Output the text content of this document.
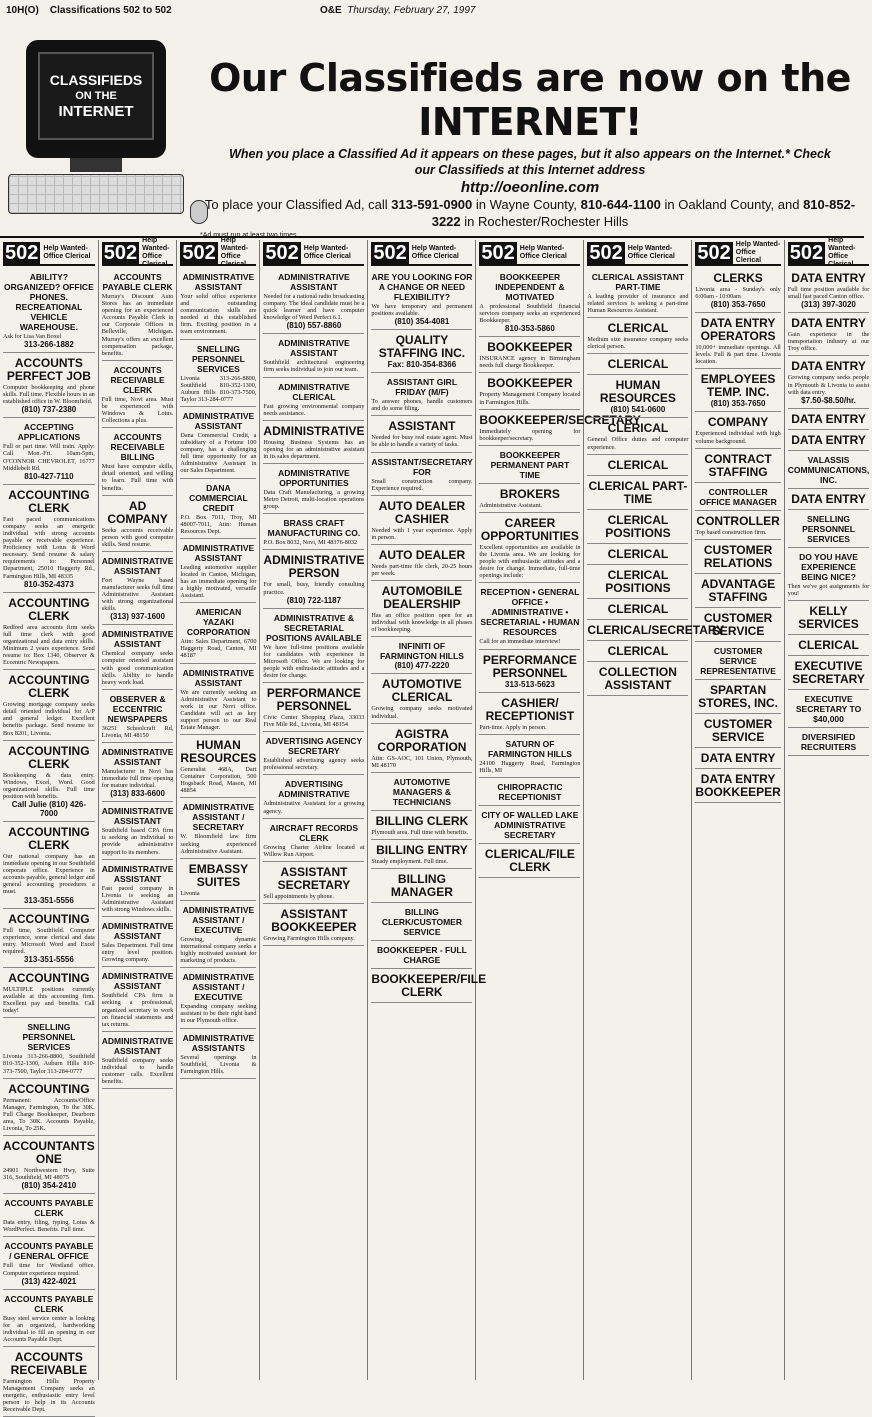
10H(O) Classifications 502 to 502	O&E Thursday, February 27, 1997
CLASSIFIEDS
ON THE
INTERNET
Our Classifieds are now on the INTERNET!
When you place a Classified Ad it appears on these pages, but it also appears on the Internet.* Check our Classifieds at this Internet address
http://oeonline.com
To place your Classified Ad, call 313-591-0900 in Wayne County, 810-644-1100 in Oakland County, and 810-852-3222 in Rochester/Rochester Hills
*Ad must run at least two times
502 Help Wanted-
Office Clerical
ABILITY? ORGANIZED? OFFICE PHONES. RECREATIONAL VEHICLE WAREHOUSE.
Ask for Lisa Van Boxel
313-266-1882
ACCOUNTS PERFECT JOB
Computer bookkeeping and phone skills. Full time. Flexible hours in an established office in W. Bloomfield.
(810) 737-2380
ACCEPTING APPLICATIONS
Full or part time. Will train. Apply: Call Mon.-Fri. 10am-5pm, O'CONNOR CHEVROLET, 16777 Middlebelt Rd.
810-427-7110
ACCOUNTING CLERK
Fast paced communications company seeks an energetic individual with strong accounts payable or receivable experience. Proficiency with Lotus & Word necessary. Send resume & salary requirements to: Personnel Department, 25010 Haggerty Rd., Farmington Hills, MI 48335
810-352-4373
ACCOUNTING CLERK
Redford area accounts firm seeks full time clerk with good organizational and data entry skills. Minimum 2 years experience. Send resume to: Box 1340, Observer & Eccentric Newspapers.
ACCOUNTING CLERK
Growing mortgage company seeks detail oriented individual for A/P and general ledger. Excellent benefits package. Send resume to: Box 8201, Livonia.
ACCOUNTING CLERK
Bookkeeping & data entry. Windows, Excel, Word. Good organizational skills. Full time position with benefits.
Call Julie (810) 426-7000
ACCOUNTING CLERK
Our national company has an immediate opening in our Southfield corporate office. Experience in accounts payable, general ledger and general accounting procedures a must.
313-351-5556
ACCOUNTING
Full time, Southfield. Computer experience, some clerical and data entry. Microsoft Word and Excel required.
313-351-5556
ACCOUNTING
MULTIPLE positions currently available at this accounting firm. Excellent pay and benefits. Call today!
SNELLING PERSONNEL SERVICES
Livonia 313-266-8800, Southfield 810-352-1300, Auburn Hills 810-373-7500, Taylor 313-284-0777
ACCOUNTING
Permanent: Accounts/Office Manager, Farmington, To the 30K. Full Charge Bookkeeper, Dearborn area, To 30K. Accounts Payable, Livonia, To 25K.
ACCOUNTANTS ONE
24901 Northwestern Hwy, Suite 316, Southfield, MI 48075
(810) 354-2410
ACCOUNTS PAYABLE CLERK
Data entry, filing, typing, Lotus & WordPerfect. Benefits. Full time.
ACCOUNTS PAYABLE / GENERAL OFFICE
Full time for Westland office. Computer experience required.
(313) 422-4021
ACCOUNTS PAYABLE CLERK
Busy steel service center is looking for an organized, hardworking individual to fill an opening in our Accounts Payable Dept.
ACCOUNTS RECEIVABLE
Farmington Hills Property Management Company seeks an energetic, enthusiastic entry level person to help in its Accounts Receivable Dept.
502
Help Wanted-
Office Clerical
ACCOUNTS PAYABLE CLERK
Murray's Discount Auto Stores has an immediate opening for an experienced Accounts Payable Clerk in our Corporate Offices in Belleville, Michigan. Murray's offers an excellent compensation package, benefits.
ACCOUNTS RECEIVABLE CLERK
Full time, Novi area. Must be experienced with Windows & Lotus. Collections a plus.
ACCOUNTS RECEIVABLE BILLING
Must have computer skills, detail oriented, and willing to learn. Full time with benefits.
AD COMPANY
Seeks accounts receivable person with good computer skills. Send resume.
ADMINISTRATIVE ASSISTANT
Fort Wayne based manufacturer seeks full time Administrative Assistant with strong organizational skills.
(313) 937-1600
ADMINISTRATIVE ASSISTANT
Chemical company seeks computer oriented assistant with good communication skills. Ability to handle heavy work load.
OBSERVER & ECCENTRIC NEWSPAPERS
36251 Schoolcraft Rd, Livonia, MI 48150
ADMINISTRATIVE ASSISTANT
Manufacturer in Novi has immediate full time opening for mature individual.
(313) 833-6600
ADMINISTRATIVE ASSISTANT
Southfield based CPA firm is seeking an individual to provide administrative support to its members.
ADMINISTRATIVE ASSISTANT
Fast paced company in Livonia is seeking an Administrative Assistant with strong Windows skills.
ADMINISTRATIVE ASSISTANT
Sales Department. Full time entry level position. Growing company.
ADMINISTRATIVE ASSISTANT
Southfield CPA firm is seeking a professional, organized secretary to work on financial statements and tax returns.
ADMINISTRATIVE ASSISTANT
Southfield company seeks individual to handle customer calls. Excellent benefits.
502
Help Wanted-
Office Clerical
ADMINISTRATIVE ASSISTANT
Your solid office experience and outstanding communication skills are needed at this established firm. Exciting position in a team environment.
SNELLING PERSONNEL SERVICES
Livonia 313-266-8800, Southfield 810-352-1300, Auburn Hills 810-373-7500, Taylor 313-284-0777
ADMINISTRATIVE ASSISTANT
Dana Commercial Credit, a subsidiary of a Fortune 100 company, has a challenging full time opportunity for an Administrative Assistant in our Sales Department.
DANA COMMERCIAL CREDIT
P.O. Box 7011, Troy, MI 48007-7011, Attn: Human Resources Dept.
ADMINISTRATIVE ASSISTANT
Leading automotive supplier located in Canton, Michigan, has an immediate opening for a highly motivated, versatile Assistant.
AMERICAN YAZAKI CORPORATION
Attn: Sales Department, 6700 Haggerty Road, Canton, MI 48187
ADMINISTRATIVE ASSISTANT
We are currently seeking an Administrative Assistant to work in our Novi office. Candidate will act as key support person to our Real Estate Manager.
HUMAN RESOURCES
Generalist 468A, Dart Container Corporation, 500 Hogsback Road, Mason, MI 48854
ADMINISTRATIVE ASSISTANT / SECRETARY
W. Bloomfield law firm seeking experienced Administrative Assistant.
EMBASSY SUITES
Livonia
ADMINISTRATIVE ASSISTANT / EXECUTIVE
Growing, dynamic international company seeks a highly motivated assistant for marketing of products.
ADMINISTRATIVE ASSISTANT / EXECUTIVE
Expanding company seeking assistant to be their right hand in our Plymouth office.
ADMINISTRATIVE ASSISTANTS
Several openings in Southfield, Livonia & Farmington Hills.
502 Help Wanted-
Office Clerical
ADMINISTRATIVE ASSISTANT
Needed for a national radio broadcasting company. The ideal candidate must be a quick learner and have computer knowledge of Word Perfect 6.1.
(810) 557-8860
ADMINISTRATIVE ASSISTANT
Southfield architectural engineering firm seeks individual to join our team.
ADMINISTRATIVE CLERICAL
Fast growing environmental company needs assistance.
ADMINISTRATIVE
Housing Business Systems has an opening for an administrative assistant in its sales department.
ADMINISTRATIVE OPPORTUNITIES
Data Craft Manufacturing, a growing Metro Detroit, multi-location operations group.
BRASS CRAFT MANUFACTURING CO.
P.O. Box 8032, Novi, MI 48376-8032
ADMINISTRATIVE PERSON
For small, busy, friendly consulting practice.
(810) 722-1187
ADMINISTRATIVE & SECRETARIAL POSITIONS AVAILABLE
We have full-time positions available for candidates with experience in Microsoft Office. We are looking for people with enthusiastic attitudes and a desire for change.
PERFORMANCE PERSONNEL
Civic Center Shopping Plaza, 33033 Five Mile Rd., Livonia, MI 48154
ADVERTISING AGENCY SECRETARY
Established advertising agency seeks professional secretary.
ADVERTISING ADMINISTRATIVE
Administrative Assistant for a growing agency.
AIRCRAFT RECORDS CLERK
Growing Charter Airline located at Willow Run Airport.
ASSISTANT SECRETARY
Sell appointments by phone.
ASSISTANT BOOKKEEPER
Growing Farmington Hills company.
502 Help Wanted-
Office Clerical
ARE YOU LOOKING FOR A CHANGE OR NEED FLEXIBILITY?
We have temporary and permanent positions available.
(810) 354-4081
QUALITY STAFFING INC.
Fax: 810-354-8366
ASSISTANT GIRL FRIDAY (M/F)
To answer phones, handle customers and do some filing.
ASSISTANT
Needed for busy real estate agent. Must be able to handle a variety of tasks.
ASSISTANT/SECRETARY FOR
Small construction company. Experience required.
AUTO DEALER CASHIER
Needed with 1 year experience. Apply in person.
AUTO DEALER
Needs part-time file clerk, 20-25 hours per week.
AUTOMOBILE DEALERSHIP
Has an office position open for an individual with knowledge in all phases of bookkeeping.
INFINITI OF FARMINGTON HILLS
(810) 477-2220
AUTOMOTIVE CLERICAL
Growing company seeks motivated individual.
AGISTRA CORPORATION
Attn: GS-AOC, 101 Union, Plymouth, MI 48170
AUTOMOTIVE MANAGERS & TECHNICIANS
BILLING CLERK
Plymouth area. Full time with benefits.
BILLING ENTRY
Steady employment. Full time.
BILLING MANAGER
BILLING CLERK/CUSTOMER SERVICE
BOOKKEEPER - FULL CHARGE
BOOKKEEPER/FILE CLERK
502 Help Wanted-
Office Clerical
BOOKKEEPER INDEPENDENT & MOTIVATED
A professional Southfield financial services company seeks an experienced Bookkeeper.
810-353-5860
BOOKKEEPER
INSURANCE agency in Birmingham needs full charge Bookkeeper.
BOOKKEEPER
Property Management Company located in Farmington Hills.
BOOKKEEPER/SECRETARY
Immediately opening for bookkeeper/secretary.
BOOKKEEPER PERMANENT PART TIME
BROKERS
Administrative Assistant.
CAREER OPPORTUNITIES
Excellent opportunities are available in the Livonia area. We are looking for people with enthusiastic attitudes and a desire for change. Immediate, full-time openings include:
RECEPTION • GENERAL OFFICE • ADMINISTRATIVE • SECRETARIAL • HUMAN RESOURCES
Call for an immediate interview!
PERFORMANCE PERSONNEL
313-513-5623
CASHIER/ RECEPTIONIST
Part-time. Apply in person.
SATURN OF FARMINGTON HILLS
24100 Haggerty Road, Farmington Hills, MI
CHIROPRACTIC RECEPTIONIST
CITY OF WALLED LAKE ADMINISTRATIVE SECRETARY
CLERICAL/FILE CLERK
502 Help Wanted-
Office Clerical
CLERICAL ASSISTANT PART-TIME
A leading provider of insurance and related services is seeking a part-time Human Resources Assistant.
CLERICAL
Medium size insurance company seeks clerical person.
CLERICAL
HUMAN RESOURCES
(810) 541-0600
CLERICAL
General Office duties and computer experience.
CLERICAL
CLERICAL PART-TIME
CLERICAL POSITIONS
CLERICAL
CLERICAL POSITIONS
CLERICAL
CLERICAL/SECRETARY
CLERICAL
COLLECTION ASSISTANT
502 Help Wanted-
Office Clerical
CLERKS
Livonia area - Sunday's only 6:00am - 10:00am
(810) 353-7650
DATA ENTRY OPERATORS
10,000+ immediate openings. All levels. Full & part time. Livonia location.
EMPLOYEES TEMP. INC.
(810) 353-7650
COMPANY
Experienced individual with high volume background.
CONTRACT STAFFING
CONTROLLER OFFICE MANAGER
CONTROLLER
Top based construction firm.
CUSTOMER RELATIONS
ADVANTAGE STAFFING
CUSTOMER SERVICE
CUSTOMER SERVICE REPRESENTATIVE
SPARTAN STORES, INC.
CUSTOMER SERVICE
DATA ENTRY
DATA ENTRY BOOKKEEPER
502
Help Wanted-
Office Clerical
DATA ENTRY
Full time position available for small fast paced Canton office.
(313) 397-3020
DATA ENTRY
Gain experience in the transportation industry at our Troy office.
DATA ENTRY
Growing company seeks people in Plymouth & Livonia to assist with data entry.
$7.50-$8.50/hr.
DATA ENTRY
DATA ENTRY
VALASSIS COMMUNICATIONS, INC.
DATA ENTRY
SNELLING PERSONNEL SERVICES
DO YOU HAVE EXPERIENCE BEING NICE?
Then we've got assignments for you!
KELLY SERVICES
CLERICAL
EXECUTIVE SECRETARY
EXECUTIVE SECRETARY TO $40,000
DIVERSIFIED RECRUITERS
